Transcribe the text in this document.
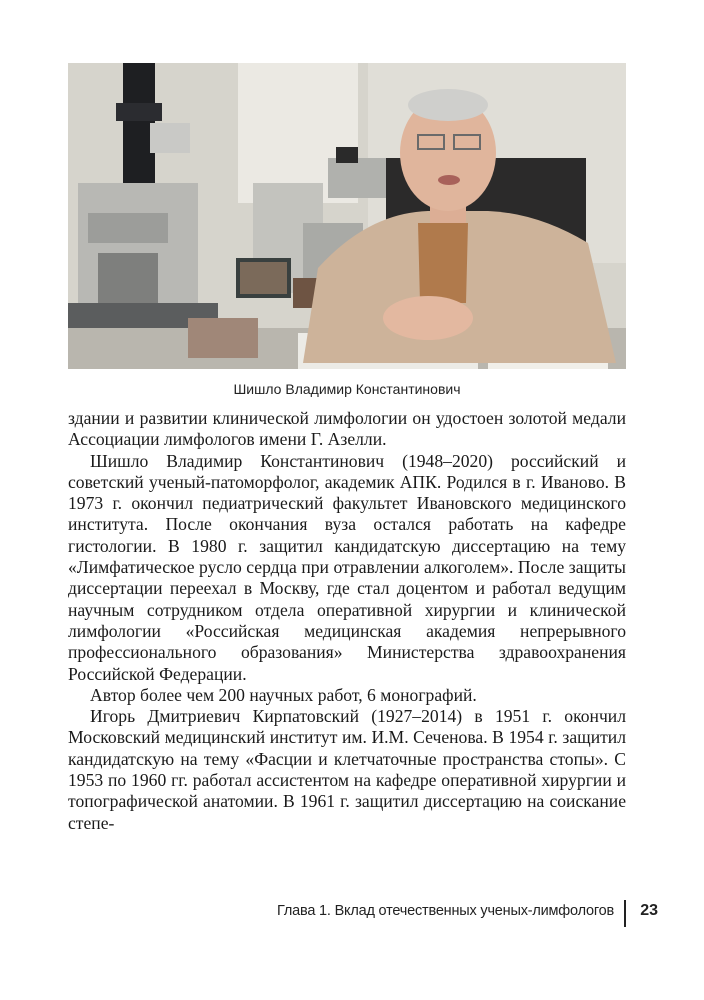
Шишло Владимир Константинович

здании и развитии клинической лимфологии он удостоен золотой медали Ассоциации лимфологов имени Г. Азелли.

Шишло Владимир Константинович (1948–2020) российский и советский ученый-патоморфолог, академик АПК. Родился в г. Иваново. В 1973 г. окончил педиатрический факультет Ивановского медицинского института. После окончания вуза остался работать на кафедре гистологии. В 1980 г. защитил кандидатскую диссертацию на тему «Лимфатическое русло сердца при отравлении алкоголем». После защиты диссертации переехал в Москву, где стал доцентом и работал ведущим научным сотрудником отдела оперативной хирургии и клинической лимфологии «Российская медицинская академия непрерывного профессионального образования» Министерства здравоохранения Российской Федерации.

Автор более чем 200 научных работ, 6 монографий.

Игорь Дмитриевич Кирпатовский (1927–2014) в 1951 г. окончил Московский медицинский институт им. И.М. Сеченова. В 1954 г. защитил кандидатскую на тему «Фасции и клетчаточные пространства стопы». С 1953 по 1960 гг. работал ассистентом на кафедре оперативной хирургии и топографической анатомии. В 1961 г. защитил диссертацию на соискание степе-

Глава 1. Вклад отечественных ученых-лимфологов 23
